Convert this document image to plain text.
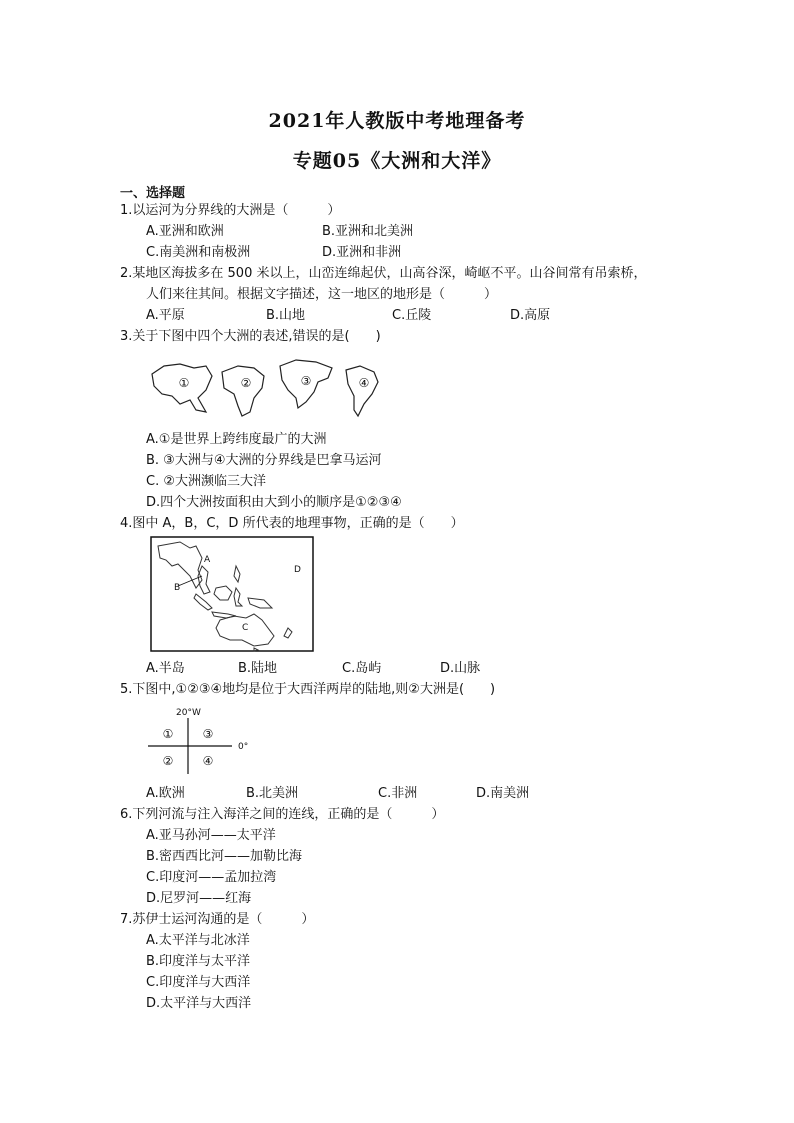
2021年人教版中考地理备考
专题05《大洲和大洋》
一、选择题
1.以运河为分界线的大洲是（　　　）
A.亚洲和欧洲	B.亚洲和北美洲
C.南美洲和南极洲	D.亚洲和非洲
2.某地区海拔多在 500 米以上，山峦连绵起伏，山高谷深，崎岖不平。山谷间常有吊索桥，
人们来往其间。根据文字描述，这一地区的地形是（　　　）
A.平原	B.山地	C.丘陵	D.高原
3.关于下图中四个大洲的表述,错误的是(　　)
①	②	③	④
A.①是世界上跨纬度最广的大洲
B. ③大洲与④大洲的分界线是巴拿马运河
C. ②大洲濒临三大洋
D.四个大洲按面积由大到小的顺序是①②③④
4.图中 A，B，C，D 所代表的地理事物，正确的是（　　）
B
A
C
D
A.半岛	B.陆地	C.岛屿	D.山脉
5.下图中,①②③④地均是位于大西洋两岸的陆地,则②大洲是(　　)
20°W
0°
① ③
② ④
A.欧洲	B.北美洲	C.非洲	D.南美洲
6.下列河流与注入海洋之间的连线，正确的是（　　　）
A.亚马孙河——太平洋
B.密西西比河——加勒比海
C.印度河——孟加拉湾
D.尼罗河——红海
7.苏伊士运河沟通的是（　　　）
A.太平洋与北冰洋
B.印度洋与太平洋
C.印度洋与大西洋
D.太平洋与大西洋
